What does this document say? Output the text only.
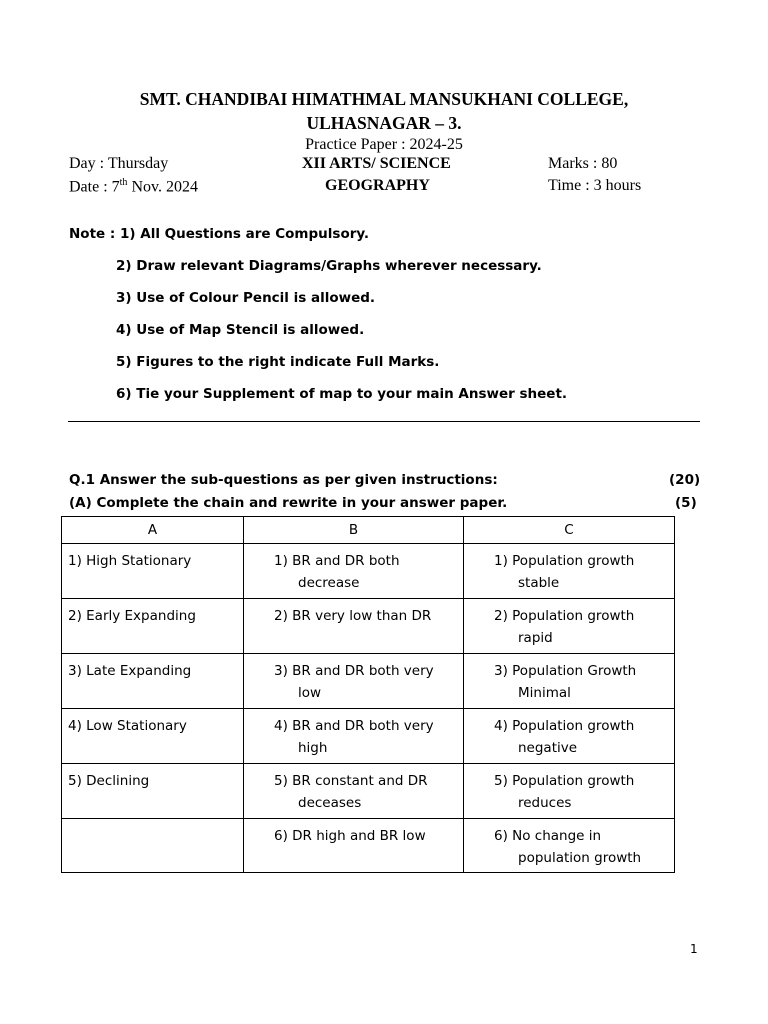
SMT. CHANDIBAI HIMATHMAL MANSUKHANI COLLEGE,
ULHASNAGAR – 3.
Practice Paper : 2024-25
Day : Thursday	XII ARTS/ SCIENCE	Marks : 80
Date : 7th Nov. 2024	GEOGRAPHY	Time : 3 hours
Note : 1) All Questions are Compulsory.
2) Draw relevant Diagrams/Graphs wherever necessary.
3) Use of Colour Pencil is allowed.
4) Use of Map Stencil is allowed.
5) Figures to the right indicate Full Marks.
6) Tie your Supplement of map to your main Answer sheet.
Q.1 Answer the sub-questions as per given instructions:	(20)
(A) Complete the chain and rewrite in your answer paper.	(5)
A	B	C

1) High Stationary	1) BR and DR both decrease	1) Population growth stable

2) Early Expanding	2) BR very low than DR	2) Population growth rapid

3) Late Expanding	3) BR and DR both very low	3) Population Growth Minimal

4) Low Stationary	4) BR and DR both very high	4) Population growth negative

5) Declining	5) BR constant and DR deceases	5) Population growth reduces

	6) DR high and BR low	6) No change in population growth
1
